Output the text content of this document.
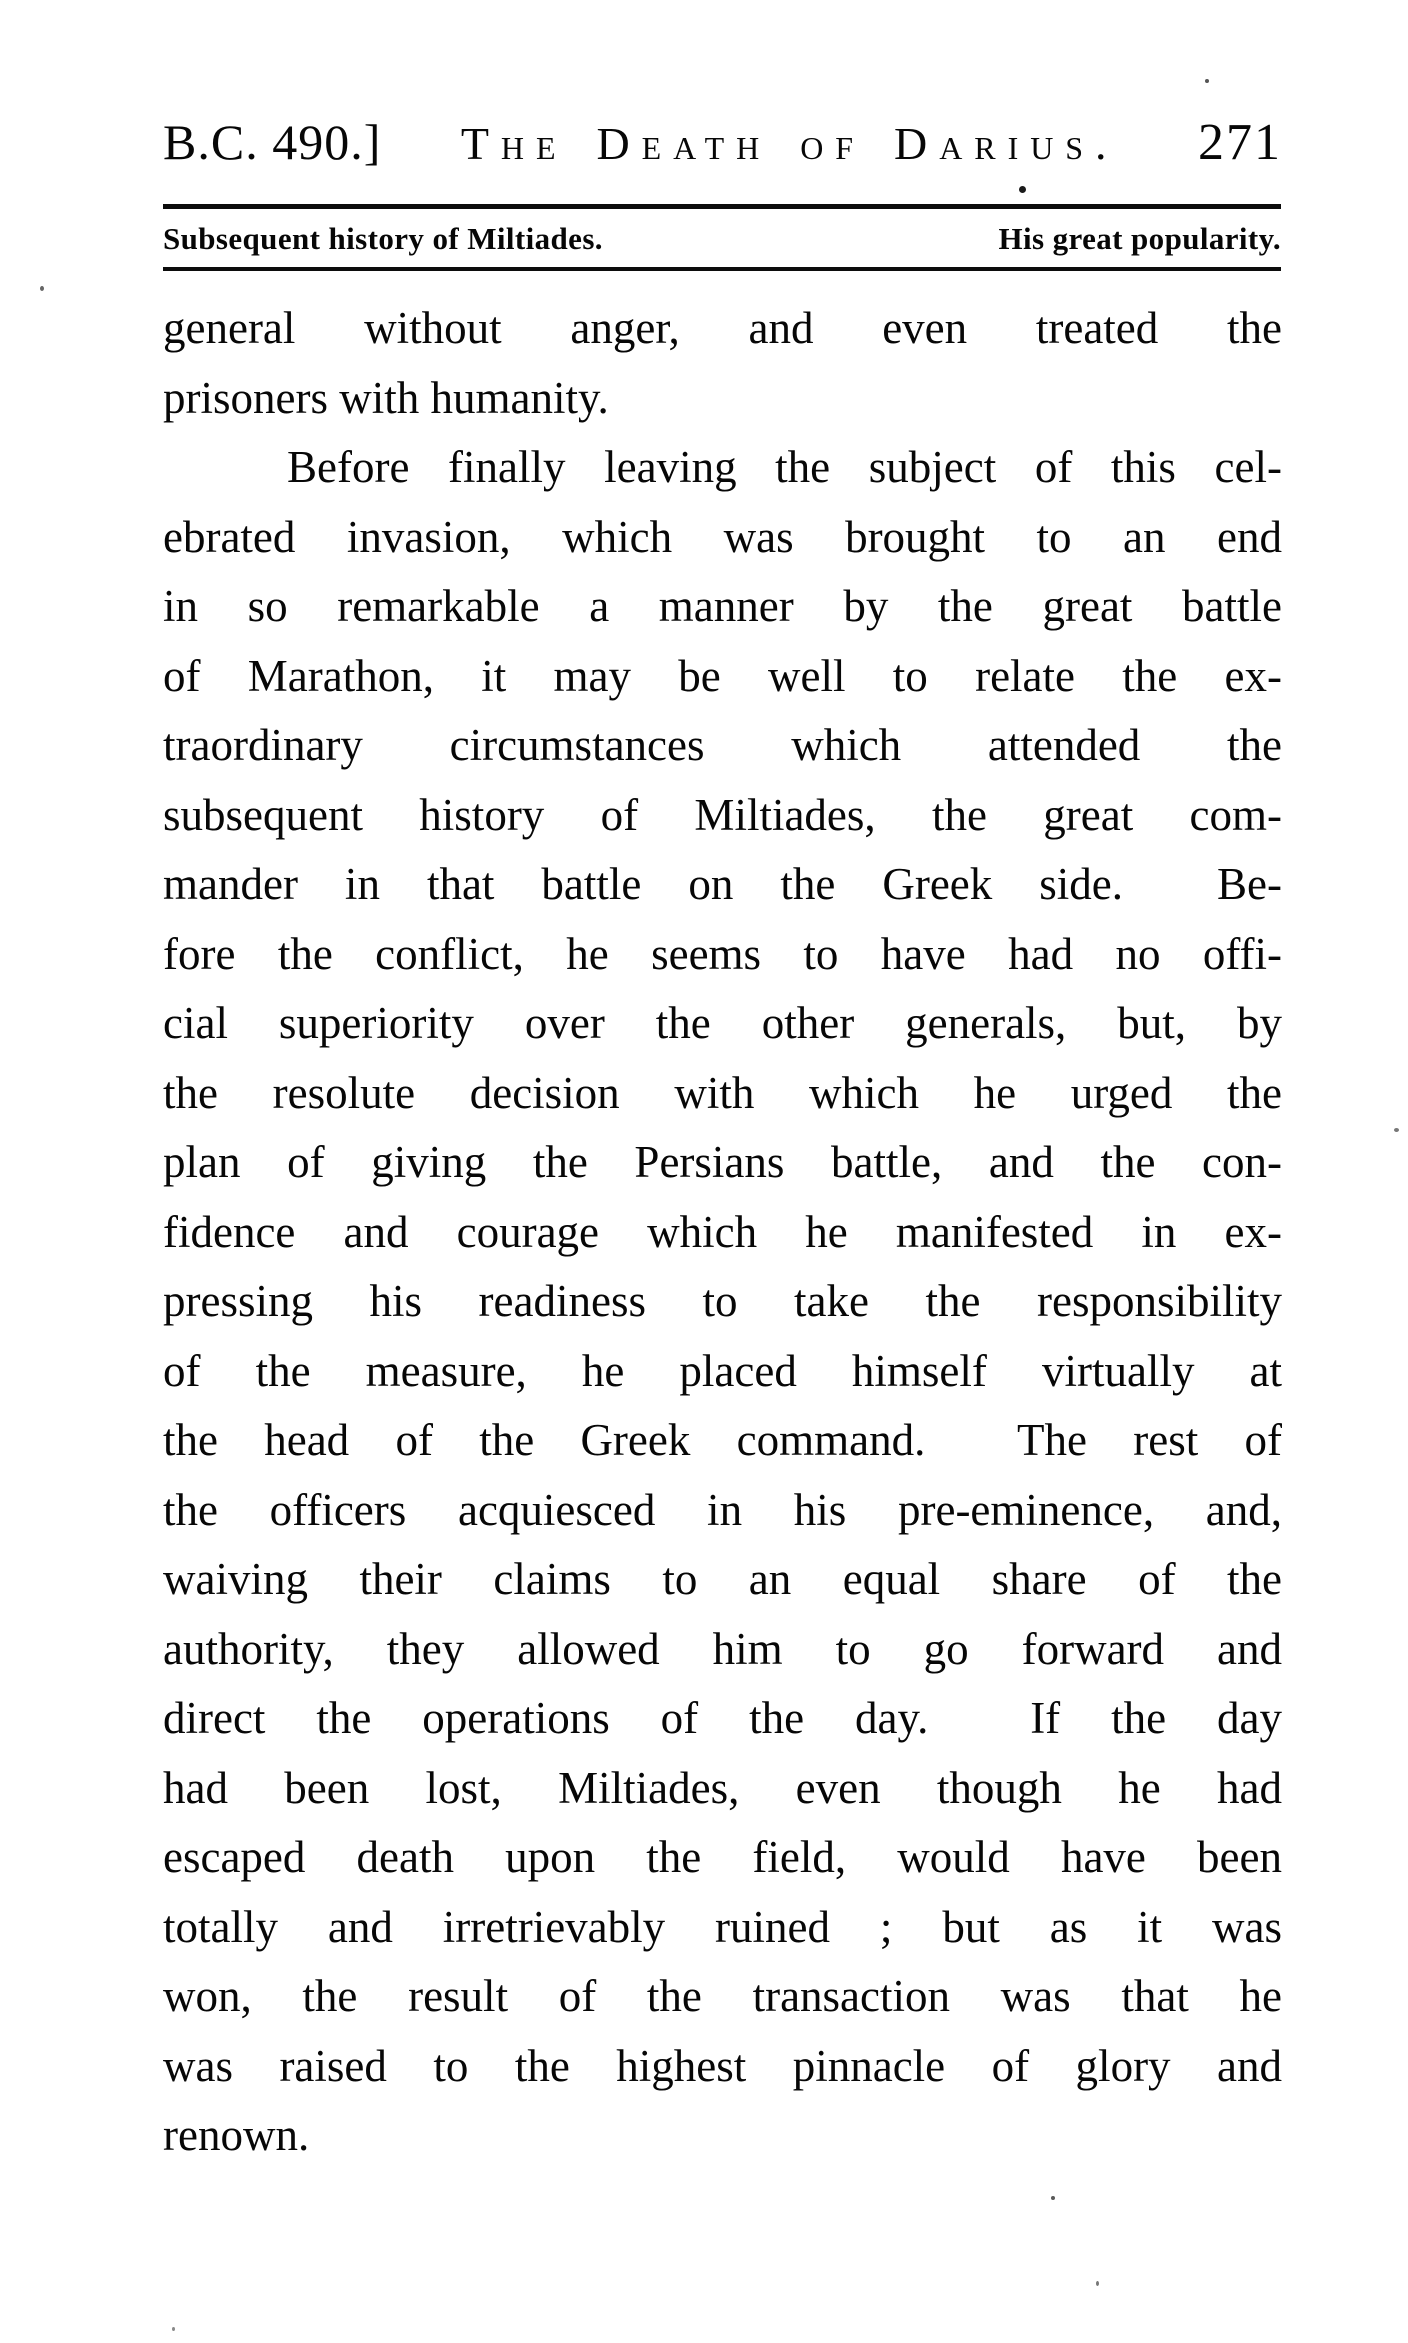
B.C. 490.]	The Death of Darius.	271
Subsequent history of Miltiades.	His great popularity.
general without anger, and even treated the
prisoners with humanity.
Before finally leaving the subject of this cel-
ebrated invasion, which was brought to an end
in so remarkable a manner by the great battle
of Marathon, it may be well to relate the ex-
traordinary circumstances which attended the
subsequent history of Miltiades, the great com-
mander in that battle on the Greek side.  Be-
fore the conflict, he seems to have had no offi-
cial superiority over the other generals, but, by
the resolute decision with which he urged the
plan of giving the Persians battle, and the con-
fidence and courage which he manifested in ex-
pressing his readiness to take the responsibility
of the measure, he placed himself virtually at
the head of the Greek command.  The rest of
the officers acquiesced in his pre-eminence, and,
waiving their claims to an equal share of the
authority, they allowed him to go forward and
direct the operations of the day.  If the day
had been lost, Miltiades, even though he had
escaped death upon the field, would have been
totally and irretrievably ruined ; but as it was
won, the result of the transaction was that he
was raised to the highest pinnacle of glory and
renown.
